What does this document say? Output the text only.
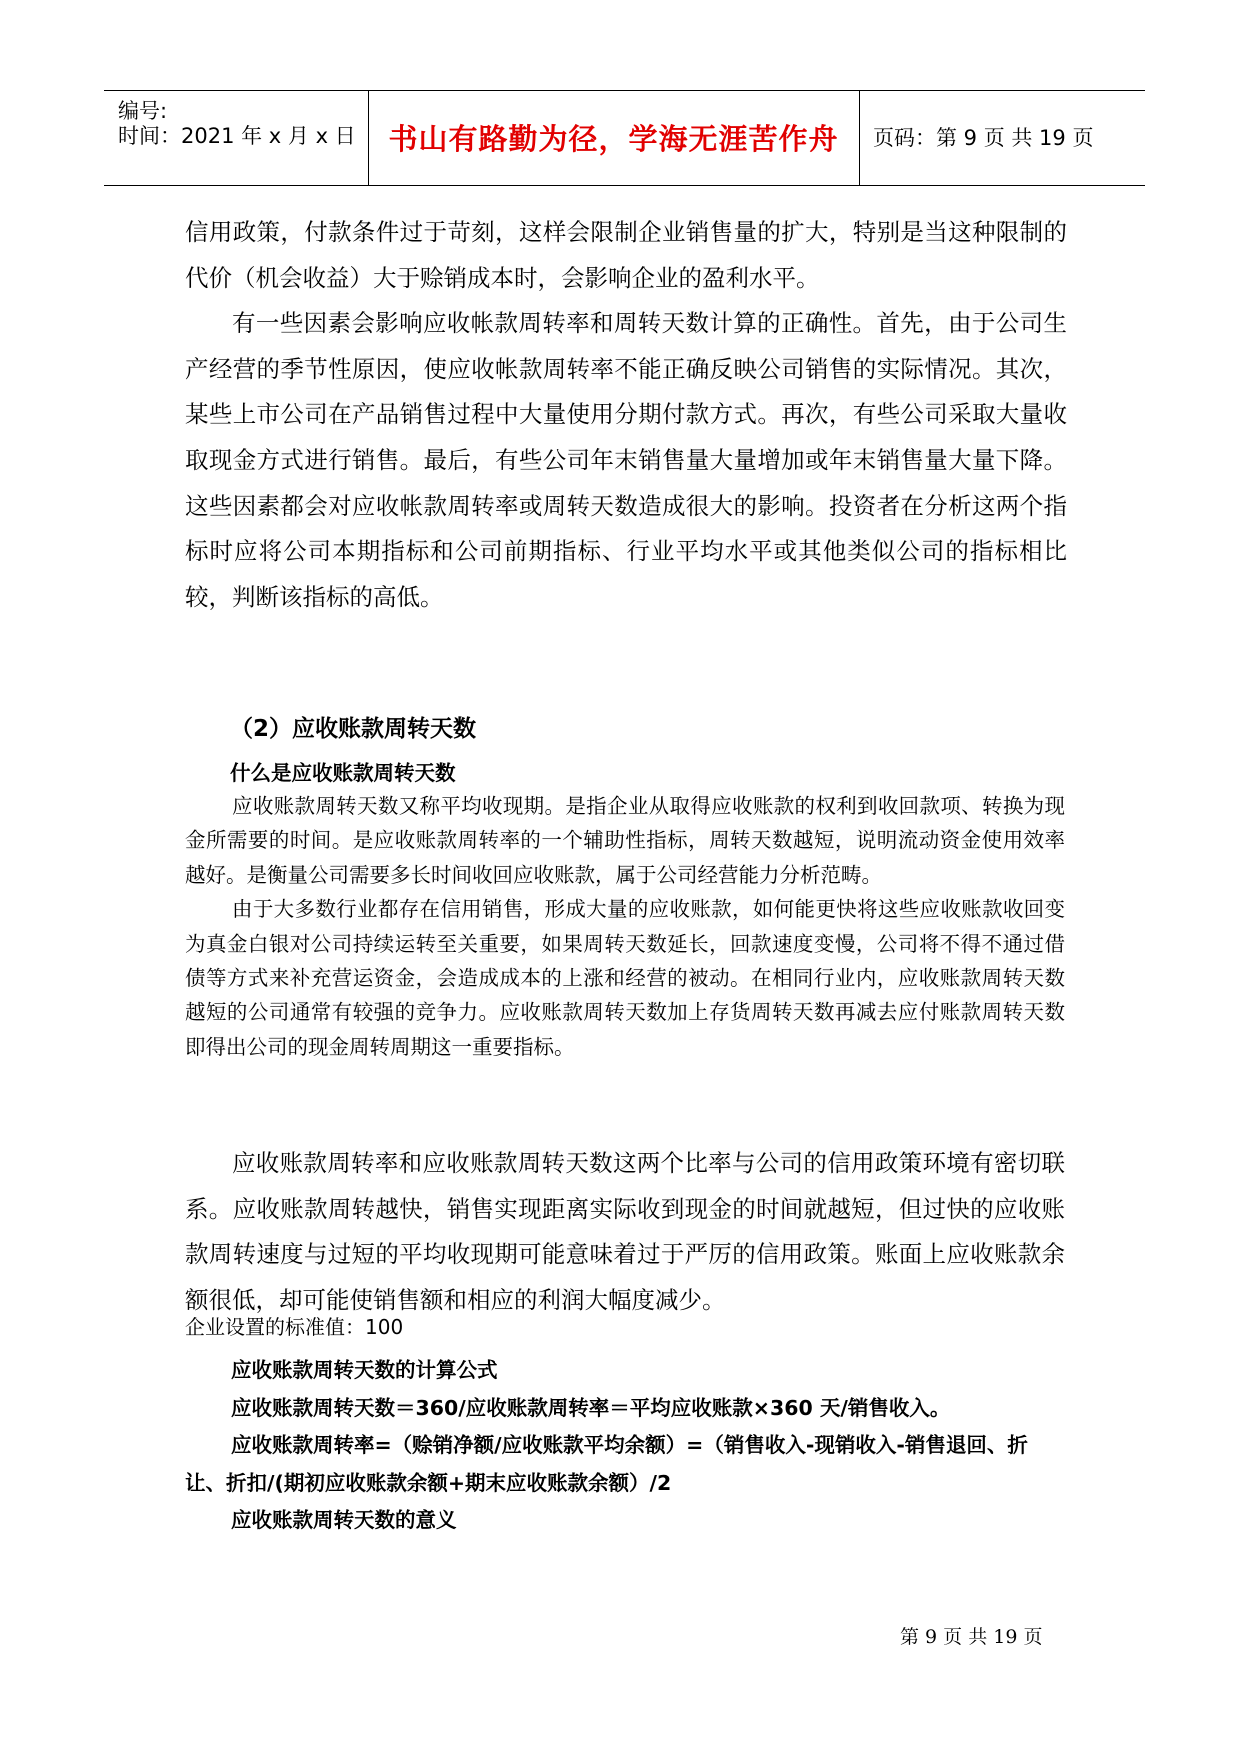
编号:
时间：2021 年 x 月 x 日	书山有路勤为径，学海无涯苦作舟	页码：第 9 页 共 19 页

信用政策，付款条件过于苛刻，这样会限制企业销售量的扩大，特别是当这种限制的代价（机会收益）大于赊销成本时，会影响企业的盈利水平。

有一些因素会影响应收帐款周转率和周转天数计算的正确性。首先，由于公司生产经营的季节性原因，使应收帐款周转率不能正确反映公司销售的实际情况。其次，某些上市公司在产品销售过程中大量使用分期付款方式。再次，有些公司采取大量收取现金方式进行销售。最后，有些公司年末销售量大量增加或年末销售量大量下降。这些因素都会对应收帐款周转率或周转天数造成很大的影响。投资者在分析这两个指标时应将公司本期指标和公司前期指标、行业平均水平或其他类似公司的指标相比较，判断该指标的高低。

（2）应收账款周转天数
什么是应收账款周转天数

应收账款周转天数又称平均收现期。是指企业从取得应收账款的权利到收回款项、转换为现金所需要的时间。是应收账款周转率的一个辅助性指标，周转天数越短，说明流动资金使用效率越好。是衡量公司需要多长时间收回应收账款，属于公司经营能力分析范畴。

由于大多数行业都存在信用销售，形成大量的应收账款，如何能更快将这些应收账款收回变为真金白银对公司持续运转至关重要，如果周转天数延长，回款速度变慢，公司将不得不通过借债等方式来补充营运资金，会造成成本的上涨和经营的被动。在相同行业内，应收账款周转天数越短的公司通常有较强的竞争力。应收账款周转天数加上存货周转天数再减去应付账款周转天数即得出公司的现金周转周期这一重要指标。

应收账款周转率和应收账款周转天数这两个比率与公司的信用政策环境有密切联系。应收账款周转越快，销售实现距离实际收到现金的时间就越短，但过快的应收账款周转速度与过短的平均收现期可能意味着过于严厉的信用政策。账面上应收账款余额很低，却可能使销售额和相应的利润大幅度减少。

企业设置的标准值：100

应收账款周转天数的计算公式

应收账款周转天数＝360/应收账款周转率＝平均应收账款×360 天/销售收入。

应收账款周转率=（赊销净额/应收账款平均余额）=（销售收入-现销收入-销售退回、折让、折扣/(期初应收账款余额+期末应收账款余额）/2

应收账款周转天数的意义

第 9 页 共 19 页
